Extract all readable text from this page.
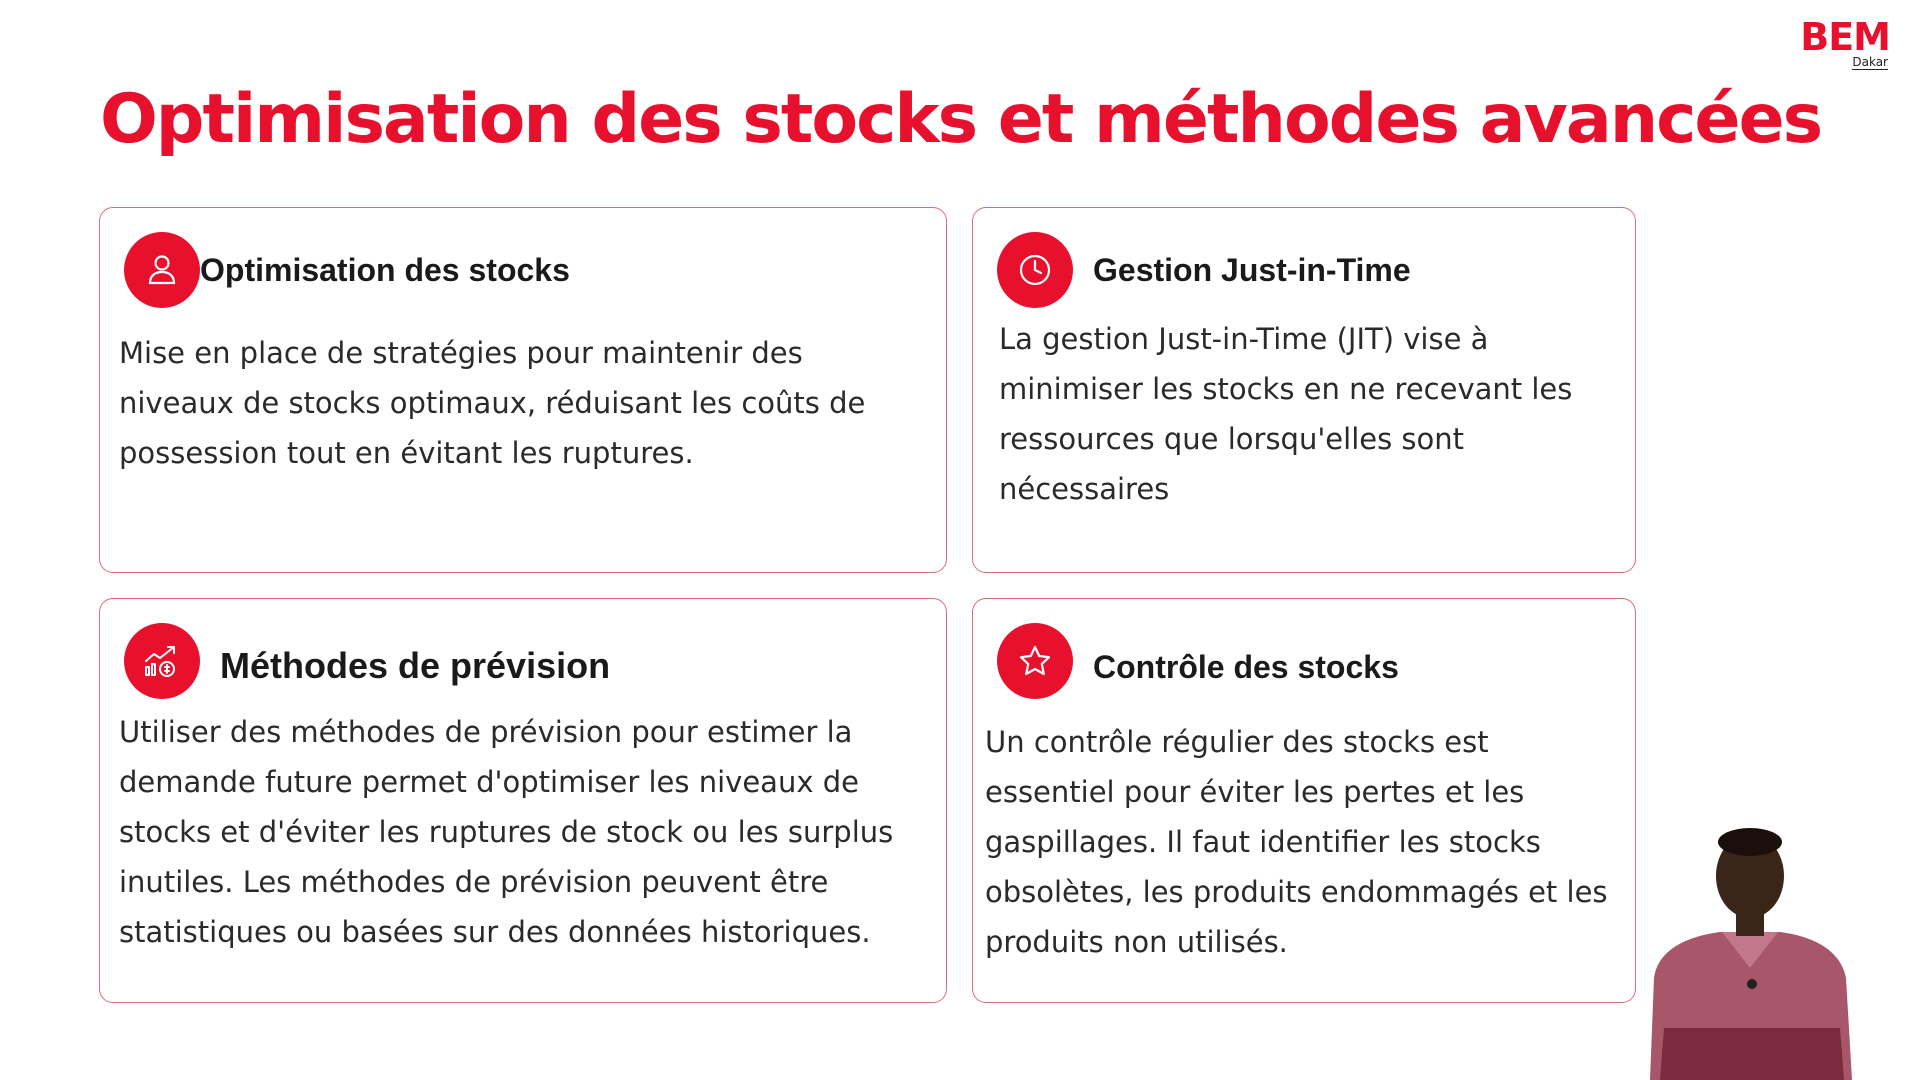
BEM
Dakar
Optimisation des stocks et méthodes avancées
Optimisation des stocks

Mise en place de stratégies pour maintenir des niveaux de stocks optimaux, réduisant les coûts de possession tout en évitant les ruptures.

Gestion Just-in-Time

La gestion Just-in-Time (JIT) vise à minimiser les stocks en ne recevant les ressources que lorsqu'elles sont nécessaires

Méthodes de prévision

Utiliser des méthodes de prévision pour estimer la demande future permet d'optimiser les niveaux de stocks et d'éviter les ruptures de stock ou les surplus inutiles. Les méthodes de prévision peuvent être statistiques ou basées sur des données historiques.

Contrôle des stocks

Un contrôle régulier des stocks est essentiel pour éviter les pertes et les gaspillages. Il faut identifier les stocks obsolètes, les produits endommagés et les produits non utilisés.
